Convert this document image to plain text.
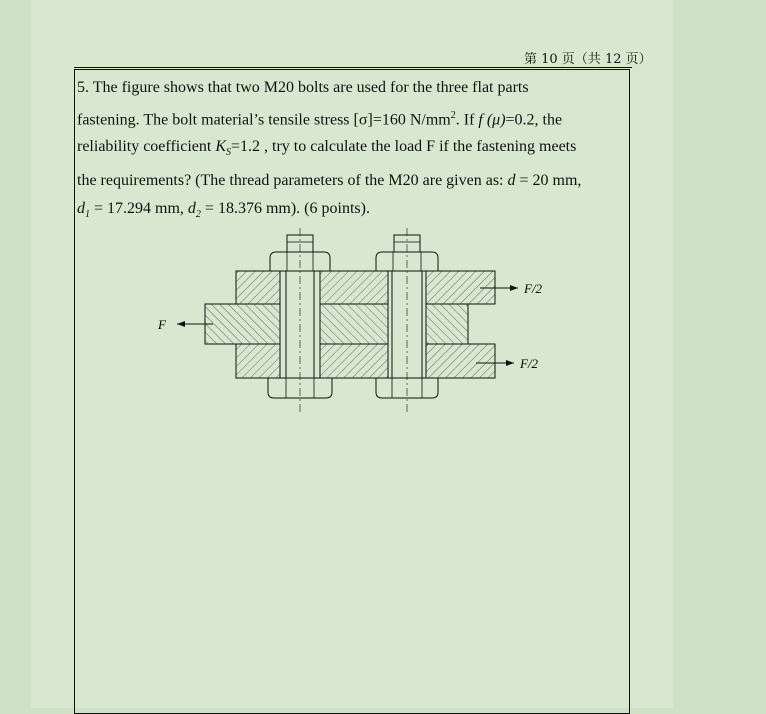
第 10 页（共 12 页）

5. The figure shows that two M20 bolts are used for the three flat parts

fastening. The bolt material’s tensile stress [σ]=160 $N/mm^2$. If f (μ)=0.2, the

reliability coefficient $K_S=1.2$ , try to calculate the load F if the fastening meets

the requirements? (The thread parameters of the M20 are given as: d = 20 mm,

$d_1 = 17.294$ mm, $d_2 = 18.376$ mm). (6 points).

F
F/2
F/2
